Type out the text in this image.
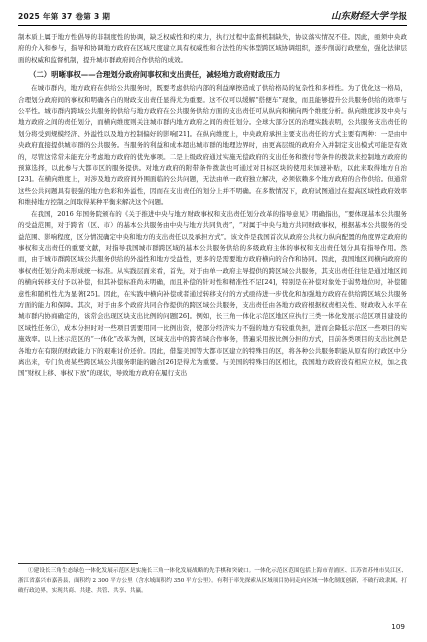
2025 年第 37 卷第 3 期	山东财经大学 学报

制本质上属于地方性倡导的非制度性的协调，缺乏权威性和约束力，执行过程中监督机制缺失，协议落实情况不佳。因此，亟须中央政府的介入和参与，指导和协调地方政府在区域尺度建立具有权威性和合法性的实体型跨区域协调组织，逐步削弱行政壁垒，强化法律层面的权威和监督机制，提升城市群政府间合作供给的成效。

（二）明晰事权——合理划分政府间事权和支出责任，减轻地方政府财政压力

在城市群内，地方政府在供给公共服务时，既要考虑供给内部的利益摩擦造成了供给格局的复杂性和多样性。为了优化这一格局，合理划分政府间的事权和明确各自的财政支出责任显得尤为重要。这不仅可以缓解“搭便车”现象，而且能够提升公共服务供给的效率与公平性。城市群内跨域公共服务的供给与地方政府在公共服务供给方面的支出责任可从纵向和横向两个维度分析。纵向维度涉及中央与地方政府之间的责任划分，而横向维度则关注城市群内地方政府之间的责任划分。全球大部分区的治理实践表明，公共服务支出责任的划分将受到规模经济、外溢性以及地方控制偏好的影响[21]。在纵向维度上，中央政府承担主要支出责任的方式主要有两种：一是由中央政府直接提供城市群的公共服务。当服务的利益和成本超出城市群的地理边界时，由更高层级的政府介入并制定支出模式可能是有效的，尽管这常常未能充分考虑地方政府的优先事项。二是上级政府通过实施无偿政府的支出任务和拨付等条件的拨款来控制地方政府的预算选择，以此参与大都市区的服务提供。对地方政府的附带条件拨款也可通过对目标区块的使用来加速补贴，以此来取得地方自治[23]。在横向维度上，对涉及地方政府间外围面临的公共问题，无法由单一政府独立解决，必须依赖多个地方政府的合作供给。但通常这些公共问题具有很强的地方色彩和外溢性，因而在支出责任的划分上并不明确。在多数情况下，政府试图通过在提高区域性政府效率和维持地方控制之间取得某种平衡来解决这个问题。

在我国，2016 年国务院颁布的《关于推进中央与地方财政事权和支出责任划分改革的指导意见》明确指出，“要体现基本公共服务的受益范围，对于跨省（区、市）的基本公共服务由中央与地方共同负责”，“对属于中央与地方共同财政事权，根据基本公共服务的受益范围、影响程度，区分情况确定中央和地方的支出责任以及承担方式”。该文件是我国首次从政府公共权力纵向配置的角度界定政府的事权和支出责任的重要文献，对指导我国城市群跨区域的基本公共服务供给的多级政府主体的事权和支出责任划分具有指导作用。然而，由于城市群跨区域公共服务供给的外溢性和地方受益性，更多的是需要地方政府横向的合作和协同。因此，我国地区间横向政府的事权责任划分尚未形成统一标准。从实践层面来看，首先，对于由单一政府主导提供的跨区域公共服务，其支出责任往往是通过地区间的横向转移支付予以补偿，但其补偿标准尚未明确，而且补偿的针对性和精准性不足[24]，特别是在补偿对象处于弱势地位时，补偿随意性和随机性尤为显著[25]。因此，在实践中横向补偿或者通过转移支付的方式亟待进一步优化和加强地方政府在供给跨区域公共服务方面的能力和保障。其次，对于由多个政府共同合作提供的跨区域公共服务，支出责任由各地方政府根据权责相关性、财政收入水平在城市群内协商确定的，该常会出现区块支出比例的问题[26]。例如，长三角一体化示范区地区应执行三类一体化发展示范区项目建设的区域性任务①，成本分担时对一些项目需要用同一比例出资，使部分经济实力不强的地方有较重负担，进而会降低示范区一些项目的实施效率。以上述示范区的“一体化”改革为例，区域支出中的跨省域合作事务，普遍采用按比例分担的方式，目前各类项目的支出比例是各地方在有限的财政能力下的艰难讨价还价。因此，借鉴美国等大都市区建立的特殊目的区，将各种公共服务职能从原有的行政区中分离出来，专门负责某些跨区域公共服务职能的融合[26]是得尤为重要。与美国的特殊目的区相比，我国地方政府没有相应立权，加之我国“财权上移、事权下放”的现状，导致地方政府在履行支出

①建设长三角生态绿色一体化发展示范区是实施长三角一体化发展战略的先手棋和突破口。一体化示范区范围包括上海市青浦区、江苏省苏州市吴江区、浙江省嘉兴市嘉善县，面积约 2 300 平方公里（含水域面积约 350 平方公里）。有利于率先探索从区域项目协同走向区域一体化制度创新，不破行政隶属，打破行政边界，实现共商、共建、共管、共享、共赢。

109
